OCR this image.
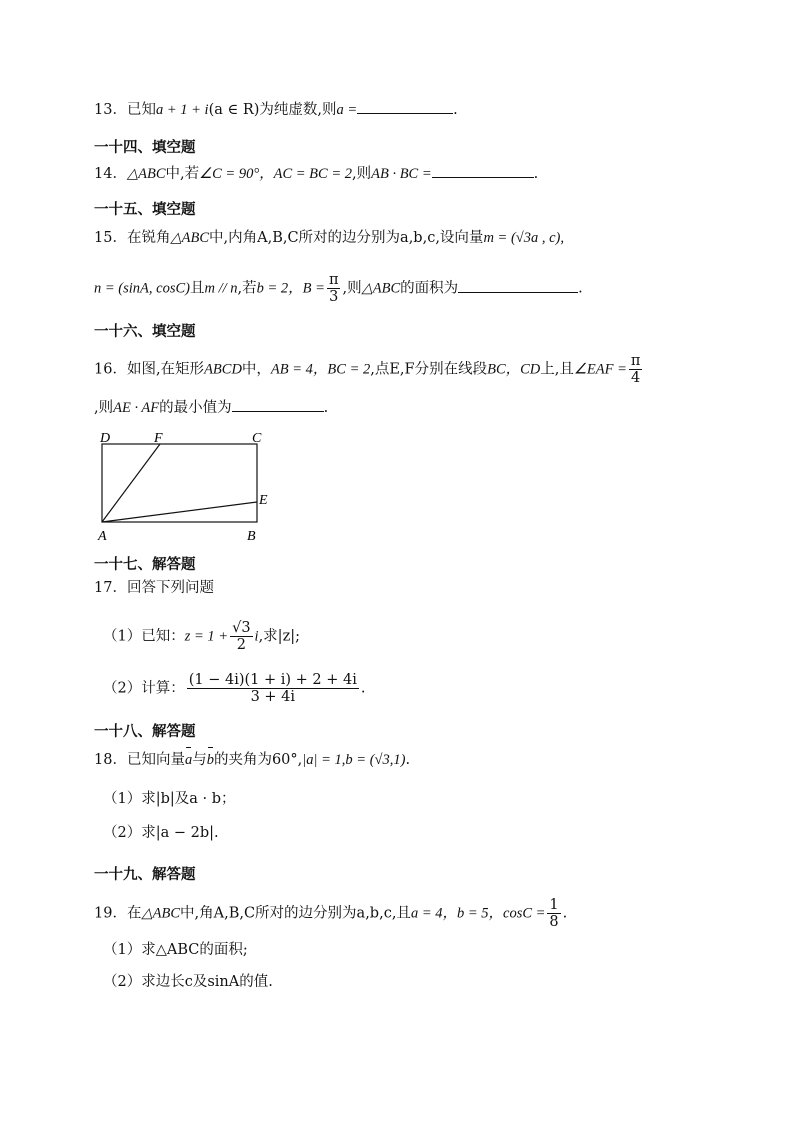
13．已知a + 1 + i(a ∈ R)为纯虚数,则a =	.
一十四、填空题
14．△ABC中,若∠C = 90°，AC = BC = 2,则AB · BC =	.
一十五、填空题
15．在锐角△ABC中,内角A,B,C所对的边分别为a,b,c,设向量m = (√3a , c),
n = (sinA, cosC)且m // n,若b = 2，$B = \frac{\pi}{3}$ ,则△ABC的面积为	.
一十六、填空题
16．如图,在矩形ABCD中，AB = 4，BC = 2,点E,F分别在线段BC，CD上,且∠EAF = $\frac{\pi}{4}$
,则AE · AF的最小值为	.
D	F	C
E
A	B
一十七、解答题
17．回答下列问题
（1）已知：$z = 1 + \frac{√3}{2} i$,求|z|;
（2）计算： $\frac{(1 - 4i)(1 + i) + 2 + 4i}{3 + 4i}$ .
一十八、解答题
18．已知向量a与b的夹角为60°,|a| = 1,b = (√3,1).
（1）求|b|及a · b；
（2）求|a − 2b|.
一十九、解答题
19．在△ABC中,角A,B,C所对的边分别为a,b,c,且a = 4，b = 5，$\cos C = \frac{1}{8}$ .
（1）求△ABC的面积;
（2）求边长c及sinA的值.
